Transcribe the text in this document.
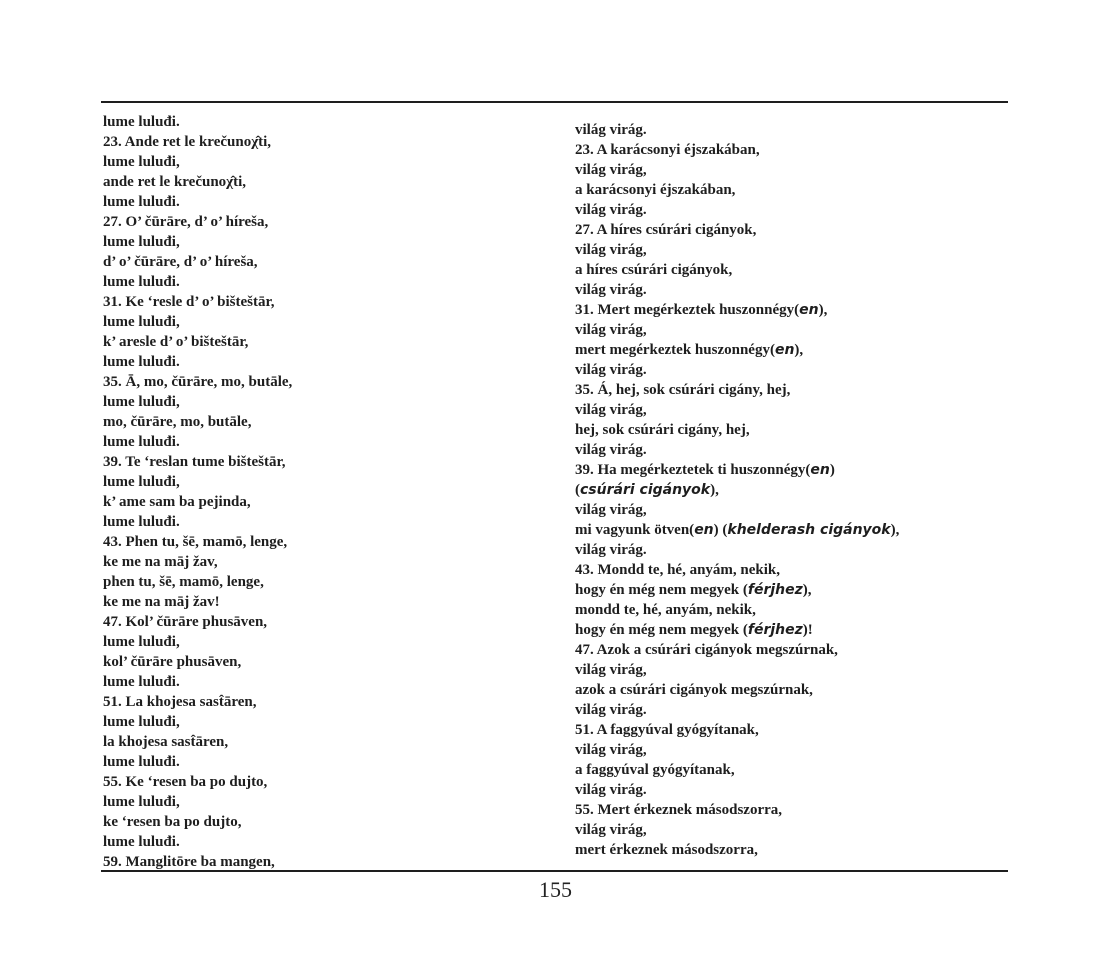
lume luluđi.
23. Ande ret le krečunoχ̂ti,
lume luluđi,
ande ret le krečunoχ̂ti,
lume luluđi.
27. O’ čūrāre, d’ o’ híreša,
lume luluđi,
d’ o’ čūrāre, d’ o’ híreša,
lume luluđi.
31. Ke ‘resle d’ o’ bišteštār,
lume luluđi,
k’ aresle d’ o’ bišteštār,
lume luluđi.
35. Ā, mo, čūrāre, mo, butāle,
lume luluđi,
mo, čūrāre, mo, butāle,
lume luluđi.
39. Te ‘reslan tume bišteštār,
lume luluđi,
k’ ame sam ba pejinda,
lume luluđi.
43. Phen tu, šē, mamō, lenge,
ke me na māj žav,
phen tu, šē, mamō, lenge,
ke me na māj žav!
47. Kol’ čūrāre phusāven,
lume luluđi,
kol’ čūrāre phusāven,
lume luluđi.
51. La khojesa sast̂āren,
lume luluđi,
la khojesa sast̂āren,
lume luluđi.
55. Ke ‘resen ba po dujto,
lume luluđi,
ke ‘resen ba po dujto,
lume luluđi.
59. Manglitōre ba mangen,
világ virág.
23. A karácsonyi éjszakában,
világ virág,
a karácsonyi éjszakában,
világ virág.
27. A híres csúrári cigányok,
világ virág,
a híres csúrári cigányok,
világ virág.
31. Mert megérkeztek huszonnégy(en),
világ virág,
mert megérkeztek huszonnégy(en),
világ virág.
35. Á, hej, sok csúrári cigány, hej,
világ virág,
hej, sok csúrári cigány, hej,
világ virág.
39. Ha megérkeztetek ti huszonnégy(en)
(csúrári cigányok),
világ virág,
mi vagyunk ötven(en) (khelderash cigányok),
világ virág.
43. Mondd te, hé, anyám, nekik,
hogy én még nem megyek (férjhez),
mondd te, hé, anyám, nekik,
hogy én még nem megyek (férjhez)!
47. Azok a csúrári cigányok megszúrnak,
világ virág,
azok a csúrári cigányok megszúrnak,
világ virág.
51. A faggyúval gyógyítanak,
világ virág,
a faggyúval gyógyítanak,
világ virág.
55. Mert érkeznek másodszorra,
világ virág,
mert érkeznek másodszorra,
155
